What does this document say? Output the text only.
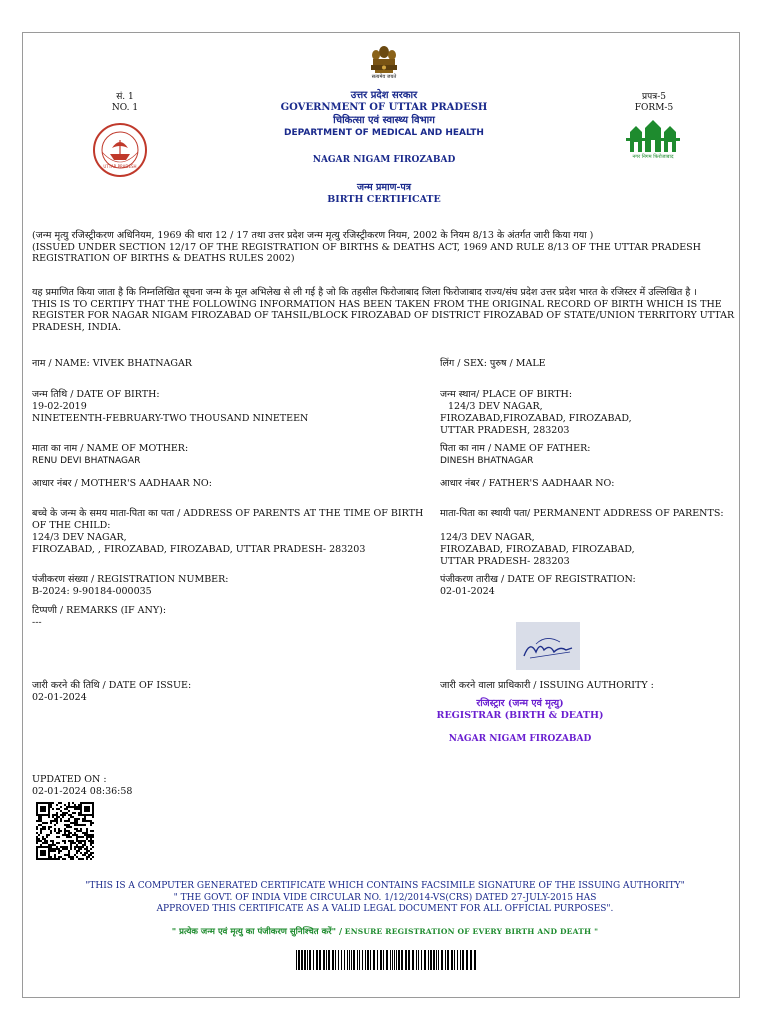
सं. 1
NO. 1
UTTAR PRADESH
सत्यमेव जयते
उत्तर प्रदेश सरकार
GOVERNMENT OF UTTAR PRADESH
चिकित्सा एवं स्वास्थ्य विभाग
DEPARTMENT OF MEDICAL AND HEALTH
NAGAR NIGAM FIROZABAD
जन्म प्रमाण-पत्र
BIRTH CERTIFICATE
प्रपत्र-5
FORM-5
नगर निगम फिरोजाबाद
(जन्म मृत्यु रजिस्ट्रीकरण अधिनियम, 1969 की धारा 12 / 17 तथा उत्तर प्रदेश जन्म मृत्यु रजिस्ट्रीकरण नियम, 2002 के नियम 8/13 के अंतर्गत जारी किया गया )
(ISSUED UNDER SECTION 12/17 OF THE REGISTRATION OF BIRTHS & DEATHS ACT, 1969 AND RULE 8/13 OF THE UTTAR PRADESH REGISTRATION OF BIRTHS & DEATHS RULES 2002)
यह प्रमाणित किया जाता है कि निम्नलिखित सूचना जन्म के मूल अभिलेख से ली गई है जो कि तहसील फिरोजाबाद जिला फिरोजाबाद राज्य/संघ प्रदेश उत्तर प्रदेश भारत के रजिस्टर में उल्लिखित है ।
THIS IS TO CERTIFY THAT THE FOLLOWING INFORMATION HAS BEEN TAKEN FROM THE ORIGINAL RECORD OF BIRTH WHICH IS THE REGISTER FOR NAGAR NIGAM FIROZABAD OF TAHSIL/BLOCK FIROZABAD OF DISTRICT FIROZABAD OF STATE/UNION TERRITORY UTTAR PRADESH, INDIA.
नाम / NAME: VIVEK BHATNAGAR	लिंग / SEX: पुरुष / MALE
जन्म तिथि / DATE OF BIRTH:
19-02-2019
NINETEENTH-FEBRUARY-TWO THOUSAND NINETEEN
जन्म स्थान/ PLACE OF BIRTH:
124/3 DEV NAGAR,
FIROZABAD,FIROZABAD, FIROZABAD,
UTTAR PRADESH, 283203
माता का नाम / NAME OF MOTHER:
RENU DEVI BHATNAGAR
पिता का नाम / NAME OF FATHER:
DINESH BHATNAGAR
आधार नंबर / MOTHER'S AADHAAR NO:	आधार नंबर / FATHER'S AADHAAR NO:
बच्चे के जन्म के समय माता-पिता का पता / ADDRESS OF PARENTS AT THE TIME OF BIRTH OF THE CHILD:
124/3 DEV NAGAR,
FIROZABAD, , FIROZABAD, FIROZABAD, UTTAR PRADESH- 283203
माता-पिता का स्थायी पता/ PERMANENT ADDRESS OF PARENTS:
124/3 DEV NAGAR,
FIROZABAD, FIROZABAD, FIROZABAD,
UTTAR PRADESH- 283203
पंजीकरण संख्या / REGISTRATION NUMBER:
B-2024: 9-90184-000035
पंजीकरण तारीख / DATE OF REGISTRATION:
02-01-2024
टिप्पणी / REMARKS (IF ANY):
---
जारी करने की तिथि / DATE OF ISSUE:
02-01-2024
जारी करने वाला प्राधिकारी / ISSUING AUTHORITY :
रजिस्ट्रार (जन्म एवं मृत्यु)
REGISTRAR (BIRTH & DEATH)
NAGAR NIGAM FIROZABAD
UPDATED ON :
02-01-2024 08:36:58
"THIS IS A COMPUTER GENERATED CERTIFICATE WHICH CONTAINS FACSIMILE SIGNATURE OF THE ISSUING AUTHORITY"
" THE GOVT. OF INDIA VIDE CIRCULAR NO. 1/12/2014-VS(CRS) DATED 27-JULY-2015 HAS
APPROVED THIS CERTIFICATE AS A VALID LEGAL DOCUMENT FOR ALL OFFICIAL PURPOSES".
" प्रत्येक जन्म एवं मृत्यु का पंजीकरण सुनिश्चित करें" / ENSURE REGISTRATION OF EVERY BIRTH AND DEATH "
